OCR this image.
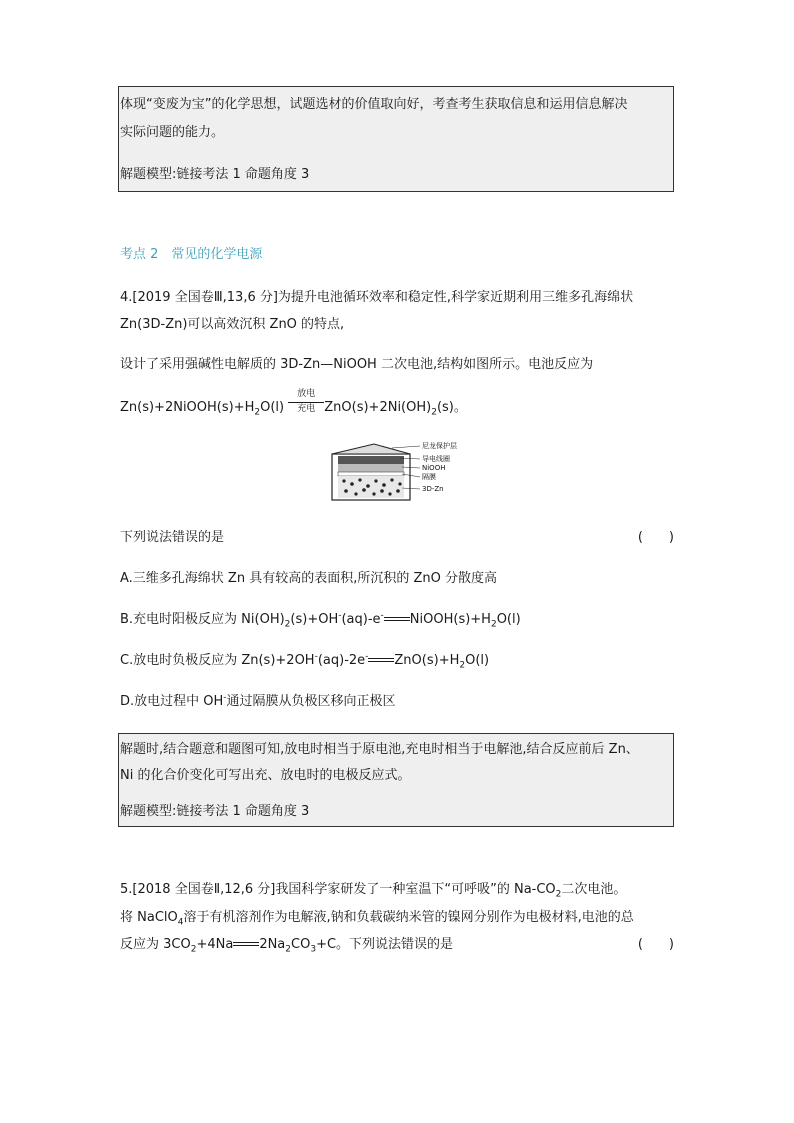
体现“变废为宝”的化学思想，试题选材的价值取向好，考查考生获取信息和运用信息解决
实际问题的能力。
解题模型:链接考法 1 命题角度 3
考点 2　常见的化学电源
4.[2019 全国卷Ⅲ,13,6 分]为提升电池循环效率和稳定性,科学家近期利用三维多孔海绵状
Zn(3D-Zn)可以高效沉积 ZnO 的特点,
设计了采用强碱性电解质的 3D-Zn—NiOOH 二次电池,结构如图所示。电池反应为
$Zn(s)+2NiOOH(s)+H_2O(l)$
放电
充电 $ZnO(s)+2Ni(OH)_2(s)$。
尼龙保护层
导电线圈
NiOOH
隔膜
3D-Zn
下列说法错误的是	(　　)
A.三维多孔海绵状 Zn 具有较高的表面积,所沉积的 ZnO 分散度高
B.充电时阳极反应为 $Ni(OH)_2(s)+OH^-(aq)-e^-$ $NiOOH(s)+H_2O(l)$
C.放电时负极反应为 Zn(s)+2OH-(aq)-2e- $ZnO(s)+H_2O(l)$
D.放电过程中 OH-通过隔膜从负极区移向正极区
解题时,结合题意和题图可知,放电时相当于原电池,充电时相当于电解池,结合反应前后 Zn、
Ni 的化合价变化可写出充、放电时的电极反应式。
解题模型:链接考法 1 命题角度 3
5.[2018 全国卷Ⅱ,12,6 分]我国科学家研发了一种室温下“可呼吸”的 $Na-CO_2$二次电池。
将 NaClO$_4$溶于有机溶剂作为电解液,钠和负载碳纳米管的镍网分别作为电极材料,电池的总
反应为 $3CO_2+4Na$ $2Na_2CO_3+C$。下列说法错误的是	(　　)
